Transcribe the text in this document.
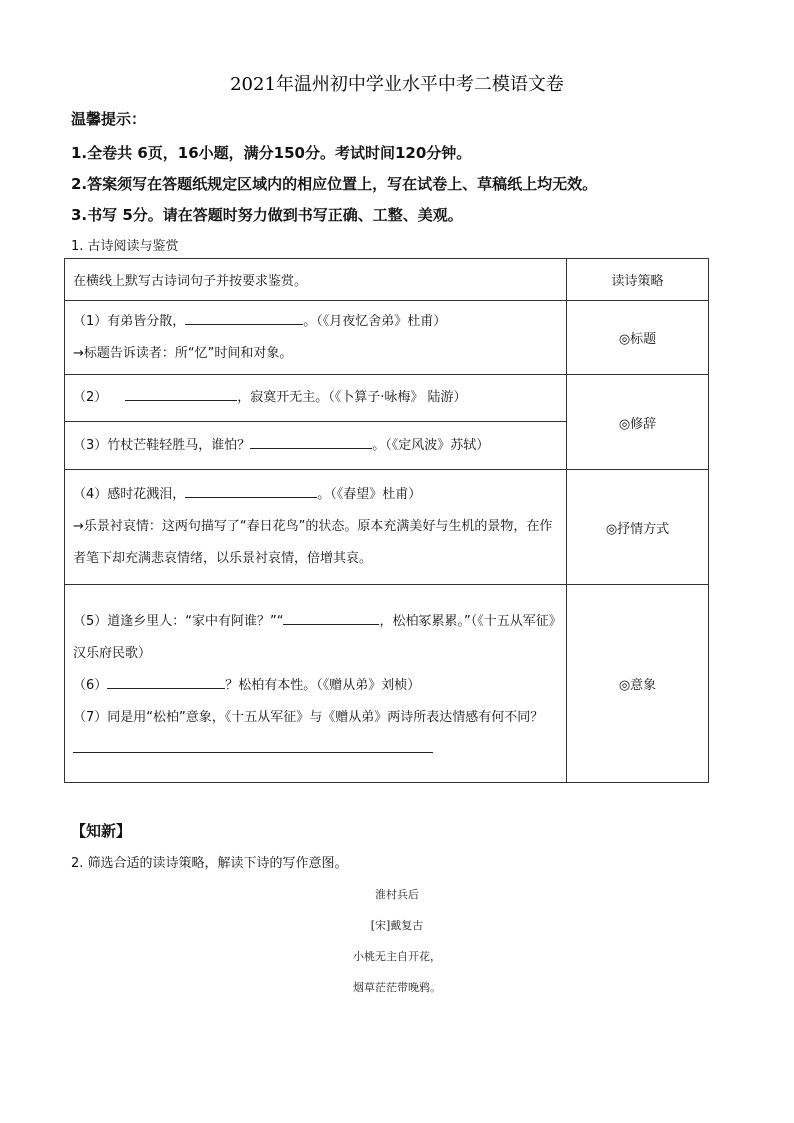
2021年温州初中学业水平中考二模语文卷
温馨提示：
1.全卷共 6页，16小题，满分150分。考试时间120分钟。
2.答案须写在答题纸规定区域内的相应位置上，写在试卷上、草稿纸上均无效。
3.书写 5分。请在答题时努力做到书写正确、工整、美观。
1. 古诗阅读与鉴赏
在横线上默写古诗词句子并按要求鉴赏。	读诗策略

（1）有弟皆分散， 。（《月夜忆舍弟》杜甫）
→标题告诉读者：所“忆”时间和对象。	◎标题

（2） ，寂寞开无主。（《卜算子·咏梅》 陆游）	◎修辞

（3）竹杖芒鞋轻胜马，谁怕？ 。（《定风波》苏轼）	

（4）感时花溅泪， 。（《春望》杜甫）
→乐景衬哀情：这两句描写了“春日花鸟”的状态。原本充满美好与生机的景物，在作者笔下却充满悲哀情绪，以乐景衬哀情，倍增其哀。	◎抒情方式

（5）道逢乡里人：“家中有阿谁？”“ ，松柏冢累累。”（《十五从军征》汉乐府民歌）
（6） ？松柏有本性。（《赠从弟》刘桢）
（7）同是用“松柏”意象，《十五从军征》与《赠从弟》两诗所表达情感有何不同？	◎意象
【知新】
2. 筛选合适的读诗策略，解读下诗的写作意图。
淮村兵后
[宋]戴复古
小桃无主自开花，
烟草茫茫带晚鸦。
